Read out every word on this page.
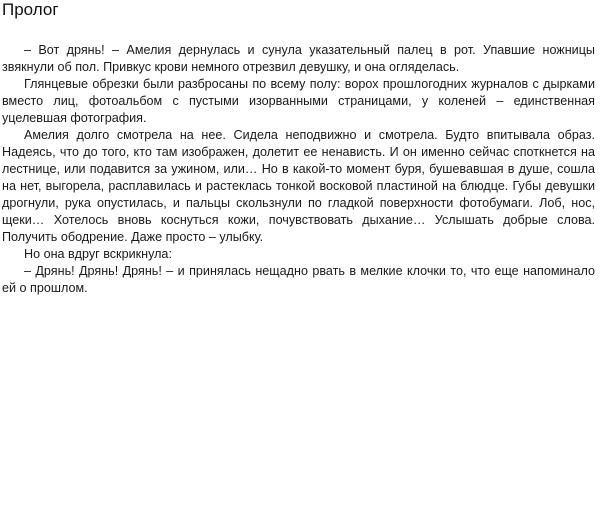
Пролог

– Вот дрянь! – Амелия дернулась и сунула указательный палец в рот. Упавшие ножницы звякнули об пол. Привкус крови немного отрезвил девушку, и она огляделась.

Глянцевые обрезки были разбросаны по всему полу: ворох прошлогодних журналов с дырками вместо лиц, фотоальбом с пустыми изорванными страницами, у коленей – единственная уцелевшая фотография.

Амелия долго смотрела на нее. Сидела неподвижно и смотрела. Будто впитывала образ. Надеясь, что до того, кто там изображен, долетит ее ненависть. И он именно сейчас споткнется на лестнице, или подавится за ужином, или… Но в какой-то момент буря, бушевавшая в душе, сошла на нет, выгорела, расплавилась и растеклась тонкой восковой пластиной на блюдце. Губы девушки дрогнули, рука опустилась, и пальцы скользнули по гладкой поверхности фотобумаги. Лоб, нос, щеки… Хотелось вновь коснуться кожи, почувствовать дыхание… Услышать добрые слова. Получить ободрение. Даже просто – улыбку.

Но она вдруг вскрикнула:

– Дрянь! Дрянь! Дрянь! – и принялась нещадно рвать в мелкие клочки то, что еще напоминало ей о прошлом.
